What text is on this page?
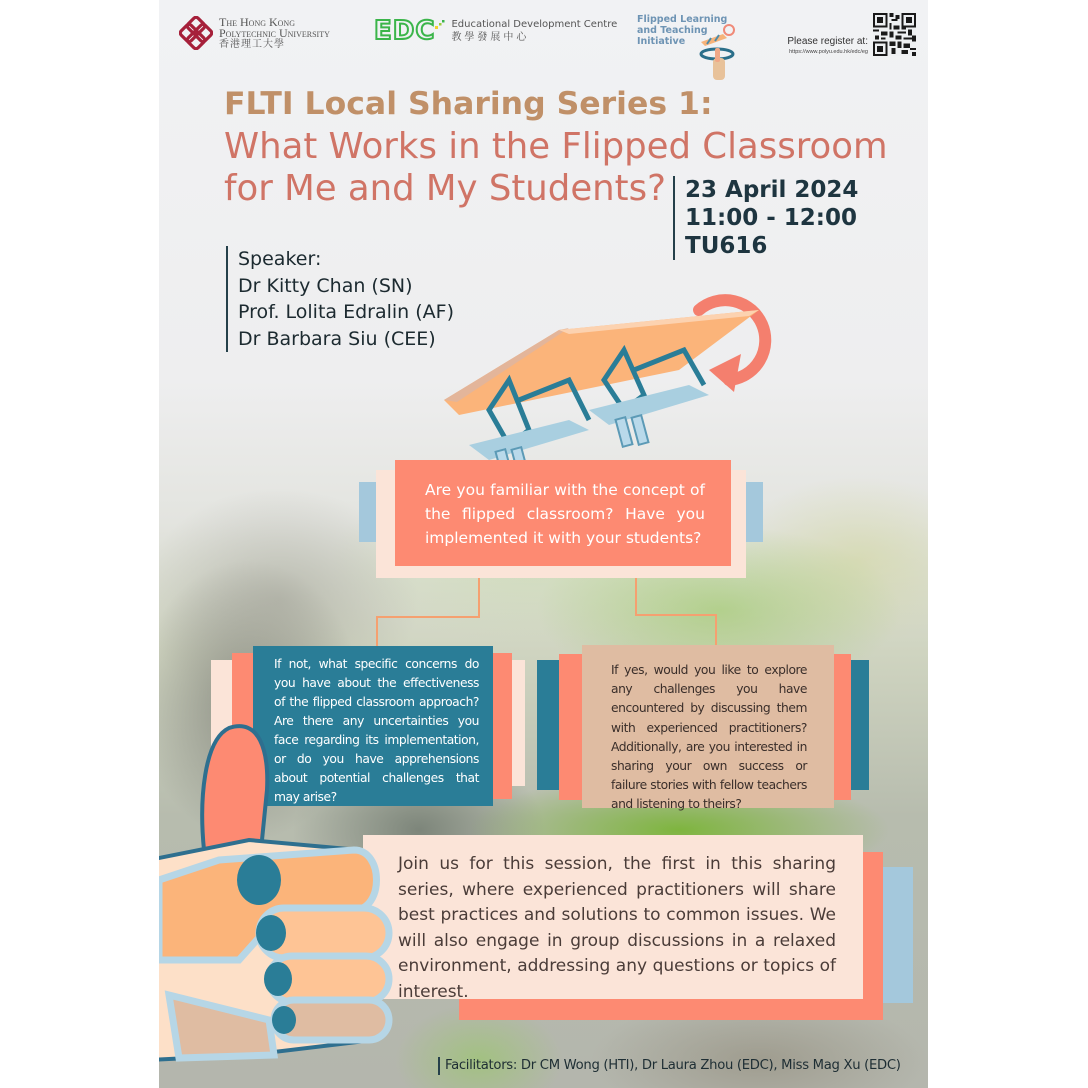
The Hong Kong
Polytechnic University
香港理工大學	EDC Educational Development Centre
教學發展中心
Flipped Learning
and Teaching
Initiative	Please register at:
https://www.polyu.edu.hk/edc/eg
FLTI Local Sharing Series 1:
What Works in the Flipped Classroom
for Me and My Students? 23 April 2024
11:00 - 12:00
TU616
Speaker:
Dr Kitty Chan (SN)
Prof. Lolita Edralin (AF)
Dr Barbara Siu (CEE)
Are you familiar with the concept of the flipped classroom? Have you implemented it with your students?
If not, what specific concerns do you have about the effectiveness of the flipped classroom approach? Are there any uncertainties you face regarding its implementation, or do you have apprehensions about potential challenges that may arise?
If yes, would you like to explore any challenges you have encountered by discussing them with experienced practitioners? Additionally, are you interested in sharing your own success or failure stories with fellow teachers and listening to theirs?
Join us for this session, the first in this sharing series, where experienced practitioners will share best practices and solutions to common issues. We will also engage in group discussions in a relaxed environment, addressing any questions or topics of interest.
Facilitators: Dr CM Wong (HTI), Dr Laura Zhou (EDC), Miss Mag Xu (EDC)
